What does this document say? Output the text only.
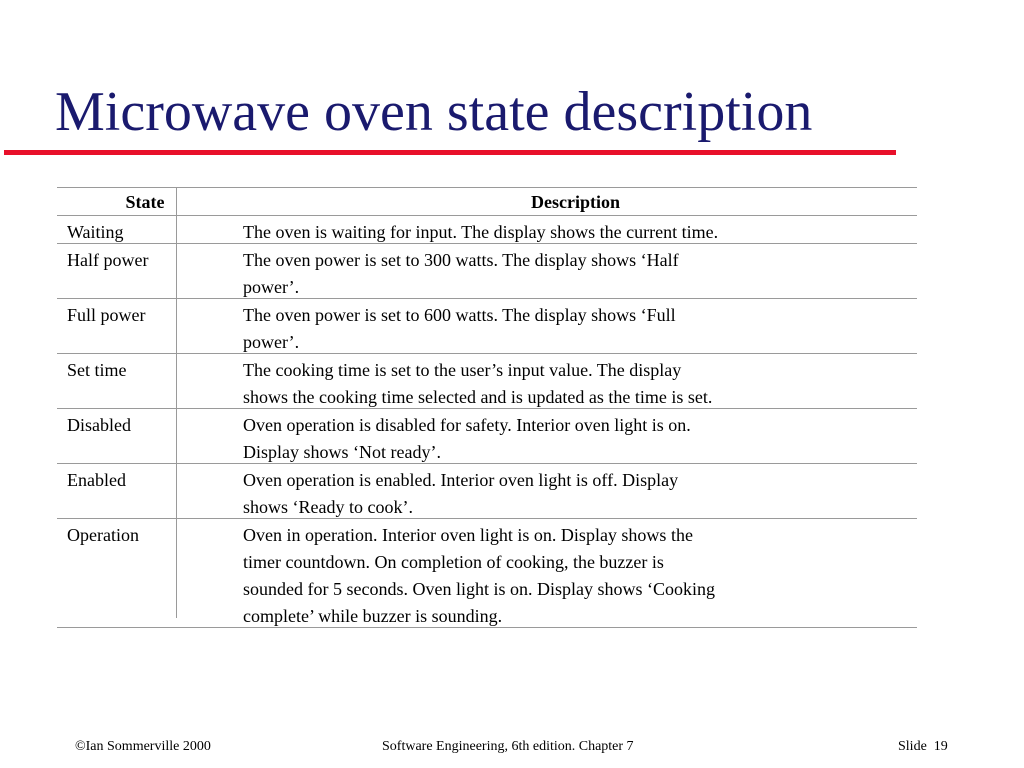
Microwave oven state description
State	Description
Waiting	The oven is waiting for input. The display shows the current time.
Half power	The oven power is set to 300 watts. The display shows ‘Half
power’.
Full power	The oven power is set to 600 watts. The display shows ‘Full
power’.
Set time	The cooking time is set to the user’s input value. The display
shows the cooking time selected and is updated as the time is set.
Disabled	Oven operation is disabled for safety. Interior oven light is on.
Display shows ‘Not ready’.
Enabled	Oven operation is enabled. Interior oven light is off. Display
shows ‘Ready to cook’.
Operation	Oven in operation. Interior oven light is on. Display shows the
timer countdown. On completion of cooking, the buzzer is
sounded for 5 seconds. Oven light is on. Display shows ‘Cooking
complete’ while buzzer is sounding.
©Ian Sommerville 2000	Software Engineering, 6th edition. Chapter 7	Slide 19
